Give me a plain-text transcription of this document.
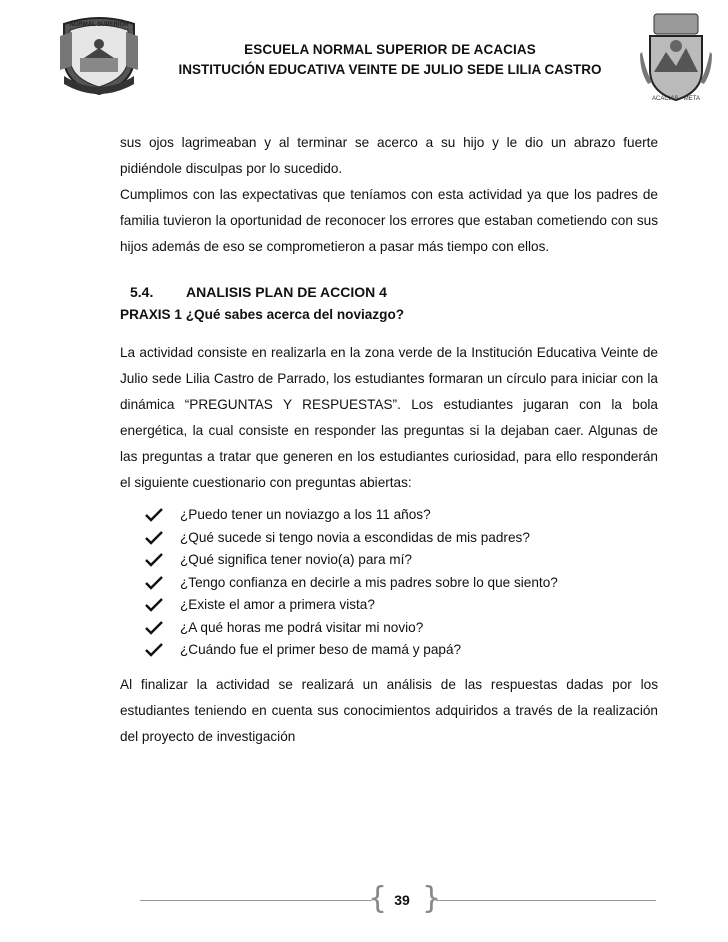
NORMAL SUPERIOR
ESCUELA NORMAL SUPERIOR DE ACACIAS
INSTITUCIÓN EDUCATIVA VEINTE DE JULIO SEDE LILIA CASTRO
ACACIAS - META

sus ojos lagrimeaban y al terminar se acerco a su hijo y le dio un abrazo fuerte pidiéndole disculpas por lo sucedido.

Cumplimos con las expectativas que teníamos con esta actividad ya que los padres de familia tuvieron la oportunidad de reconocer los errores que estaban cometiendo con sus hijos además de eso se comprometieron a pasar más tiempo con ellos.

5.4. ANALISIS PLAN DE ACCION 4

PRAXIS 1 ¿Qué sabes acerca del noviazgo?

La actividad consiste en realizarla en la zona verde de la Institución Educativa Veinte de Julio sede Lilia Castro de Parrado, los estudiantes formaran un círculo para iniciar con la dinámica “PREGUNTAS Y RESPUESTAS”. Los estudiantes jugaran con la bola energética, la cual consiste en responder las preguntas si la dejaban caer. Algunas de las preguntas a tratar que generen en los estudiantes curiosidad, para ello responderán el siguiente cuestionario con preguntas abiertas:

¿Puedo tener un noviazgo a los 11 años?
¿Qué sucede si tengo novia a escondidas de mis padres?
¿Qué significa tener novio(a) para mí?
¿Tengo confianza en decirle a mis padres sobre lo que siento?
¿Existe el amor a primera vista?
¿A qué horas me podrá visitar mi novio?
¿Cuándo fue el primer beso de mamá y papá?

Al finalizar la actividad se realizará un análisis de las respuestas dadas por los estudiantes teniendo en cuenta sus conocimientos adquiridos a través de la realización del proyecto de investigación

{ 39 }
